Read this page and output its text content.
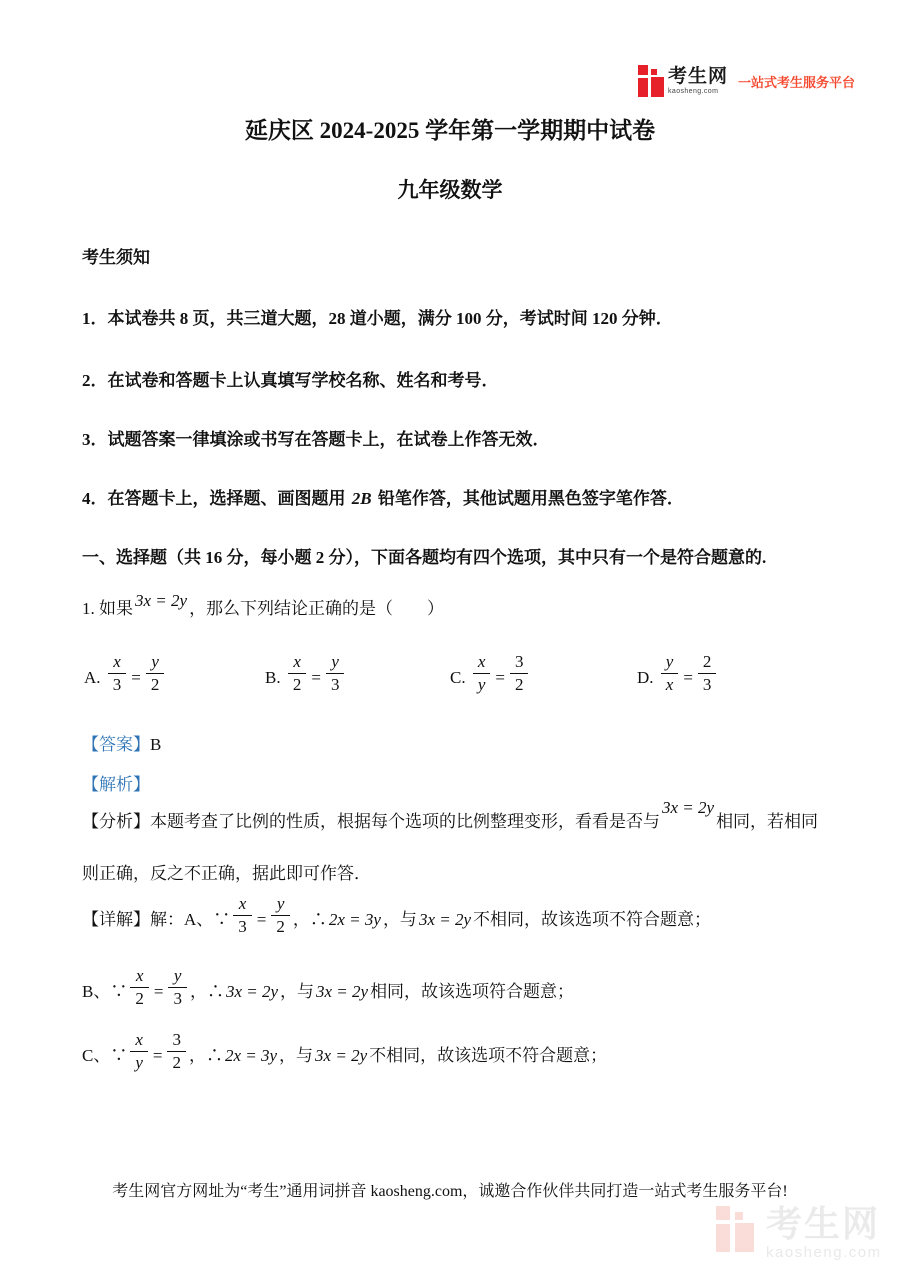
考生网
kaosheng.com
一站式考生服务平台
延庆区 2024-2025 学年第一学期期中试卷
九年级数学
考生须知
1．本试卷共 8 页，共三道大题，28 道小题，满分 100 分，考试时间 120 分钟．
2．在试卷和答题卡上认真填写学校名称、姓名和考号．
3．试题答案一律填涂或书写在答题卡上，在试卷上作答无效．
4．在答题卡上，选择题、画图题用 2B 铅笔作答，其他试题用黑色签字笔作答．
一、选择题（共 16 分，每小题 2 分），下面各题均有四个选项，其中只有一个是符合题意的.
1. 如果 3x = 2y ，那么下列结论正确的是（　　）
A. $\frac{x}{3} = \frac{y}{2}$	B. $\frac{x}{2} = \frac{y}{3}$	C. $\frac{x}{y} = \frac{3}{2}$	D. $\frac{y}{x} = \frac{2}{3}$
【答案】B
【解析】
【分析】本题考查了比例的性质，根据每个选项的比例整理变形，看看是否与3x = 2y相同，若相同则正确，反之不正确，据此即可作答．
【详解】解：A、∵ $\frac{x}{3} = \frac{y}{2}$ ，∴ 2x = 3y ，与 3x = 2y 不相同，故该选项不符合题意；
B、∵ $\frac{x}{2} = \frac{y}{3}$ ，∴ 3x = 2y ，与 3x = 2y 相同，故该选项符合题意；
C、∵ $\frac{x}{y} = \frac{3}{2}$ ，∴ 2x = 3y ，与 3x = 2y 不相同，故该选项不符合题意；
考生网官方网址为“考生”通用词拼音 kaosheng.com，诚邀合作伙伴共同打造一站式考生服务平台!
考生网
kaosheng.com
